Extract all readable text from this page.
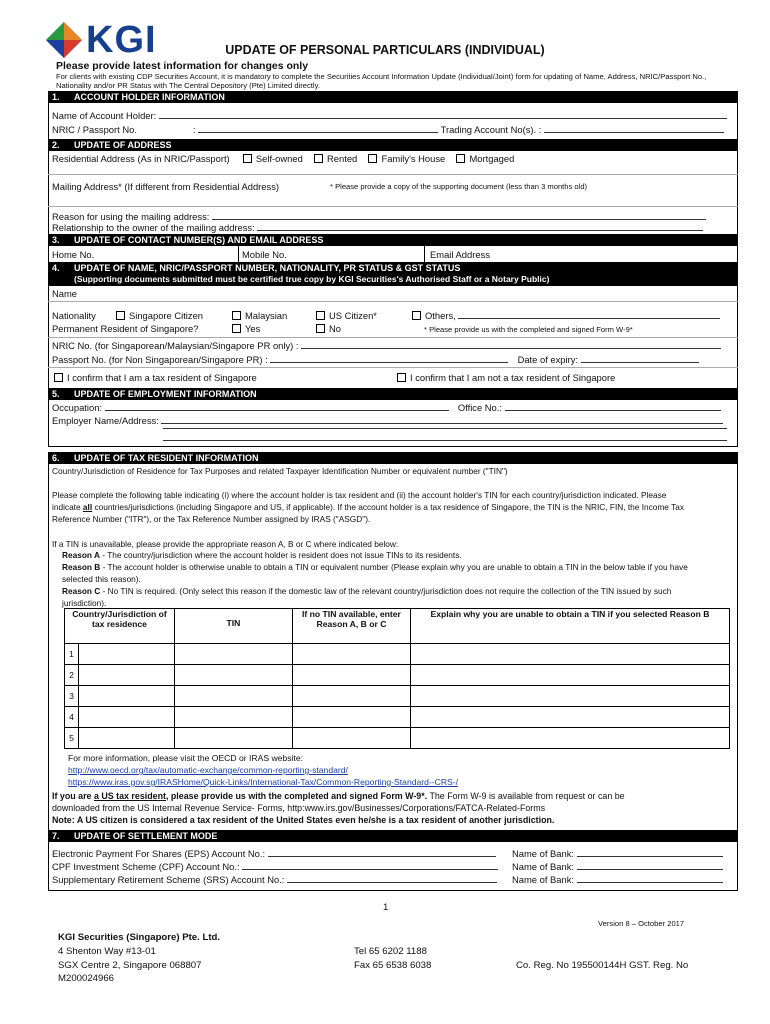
KGI	UPDATE OF PERSONAL PARTICULARS (INDIVIDUAL)
Please provide latest information for changes only
For clients with existing CDP Securities Account, it is mandatory to complete the Securities Account Information Update (Individual/Joint) form for updating of Name, Address, NRIC/Passport No., Nationality and/or PR Status with The Central Depository (Pte) Limited directly.
1. ACCOUNT HOLDER INFORMATION
Name of Account Holder:
NRIC / Passport No.	:	Trading Account No(s). :
2. UPDATE OF ADDRESS
Residential Address (As in NRIC/Passport)	Self-owned	Rented	Family's House	Mortgaged
Mailing Address* (If different from Residential Address)	* Please provide a copy of the supporting document (less than 3 months old)
Reason for using the mailing address:
Relationship to the owner of the mailing address:
3. UPDATE OF CONTACT NUMBER(S) AND EMAIL ADDRESS
Home No.	Mobile No.	Email Address
4. UPDATE OF NAME, NRIC/PASSPORT NUMBER, NATIONALITY, PR STATUS & GST STATUS
(Supporting documents submitted must be certified true copy by KGI Securities's Authorised Staff or a Notary Public)
Name
Nationality	Singapore Citizen	Malaysian	US Citizen*	Others,
Permanent Resident of Singapore?	Yes	No	* Please provide us with the completed and signed Form W-9*
NRIC No. (for Singaporean/Malaysian/Singapore PR only) :
Passport No. (for Non Singaporean/Singapore PR) :	Date of expiry:
I confirm that I am a tax resident of Singapore	I confirm that I am not a tax resident of Singapore
5. UPDATE OF EMPLOYMENT INFORMATION
Occupation:	Office No.:
Employer Name/Address:
6. UPDATE OF TAX RESIDENT INFORMATION
Country/Jurisdiction of Residence for Tax Purposes and related Taxpayer Identification Number or equivalent number ("TIN")
Please complete the following table indicating (i) where the account holder is tax resident and (ii) the account holder's TIN for each country/jurisdiction indicated. Please
indicate all countries/jurisdictions (including Singapore and US, if applicable). If the account holder is a tax residence of Singapore, the TIN is the NRIC, FIN, the Income Tax
Reference Number ("ITR"), or the Tax Reference Number assigned by IRAS ("ASGD").
If a TIN is unavailable, please provide the appropriate reason A, B or C where indicated below:
Reason A - The country/jurisdiction where the account holder is resident does not issue TINs to its residents.
Reason B - The account holder is otherwise unable to obtain a TIN or equivalent number (Please explain why you are unable to obtain a TIN in the below table if you have
selected this reason).
Reason C - No TIN is required. (Only select this reason if the domestic law of the relevant country/jurisdiction does not require the collection of the TIN issued by such
jurisdiction).
Country/Jurisdiction of tax residence		TIN	If no TIN available, enter Reason A, B or C	Explain why you are unable to obtain a TIN if you selected Reason B
1				
2				
3				
4				
5				
For more information, please visit the OECD or IRAS website:
http://www.oecd.org/tax/automatic-exchange/common-reporting-standard/
https://www.iras.gov.sg/IRASHome/Quick-Links/International-Tax/Common-Reporting-Standard--CRS-/
If you are a US tax resident, please provide us with the completed and signed Form W-9*. The Form W-9 is available from request or can be
downloaded from the US Internal Revenue Service- Forms, http:www.irs.gov/Businesses/Corporations/FATCA-Related-Forms
Note: A US citizen is considered a tax resident of the United States even he/she is a tax resident of another jurisdiction.
7. UPDATE OF SETTLEMENT MODE
Electronic Payment For Shares (EPS) Account No.:	Name of Bank:
CPF Investment Scheme (CPF) Account No.:	Name of Bank:
Supplementary Retirement Scheme (SRS) Account No.:	Name of Bank:
1
Version 8 – October 2017
KGI Securities (Singapore) Pte. Ltd.
4 Shenton Way #13-01
SGX Centre 2, Singapore 068807
M200024966
Tel 65 6202 1188
Fax 65 6538 6038	Co. Reg. No 195500144H GST. Reg. No
